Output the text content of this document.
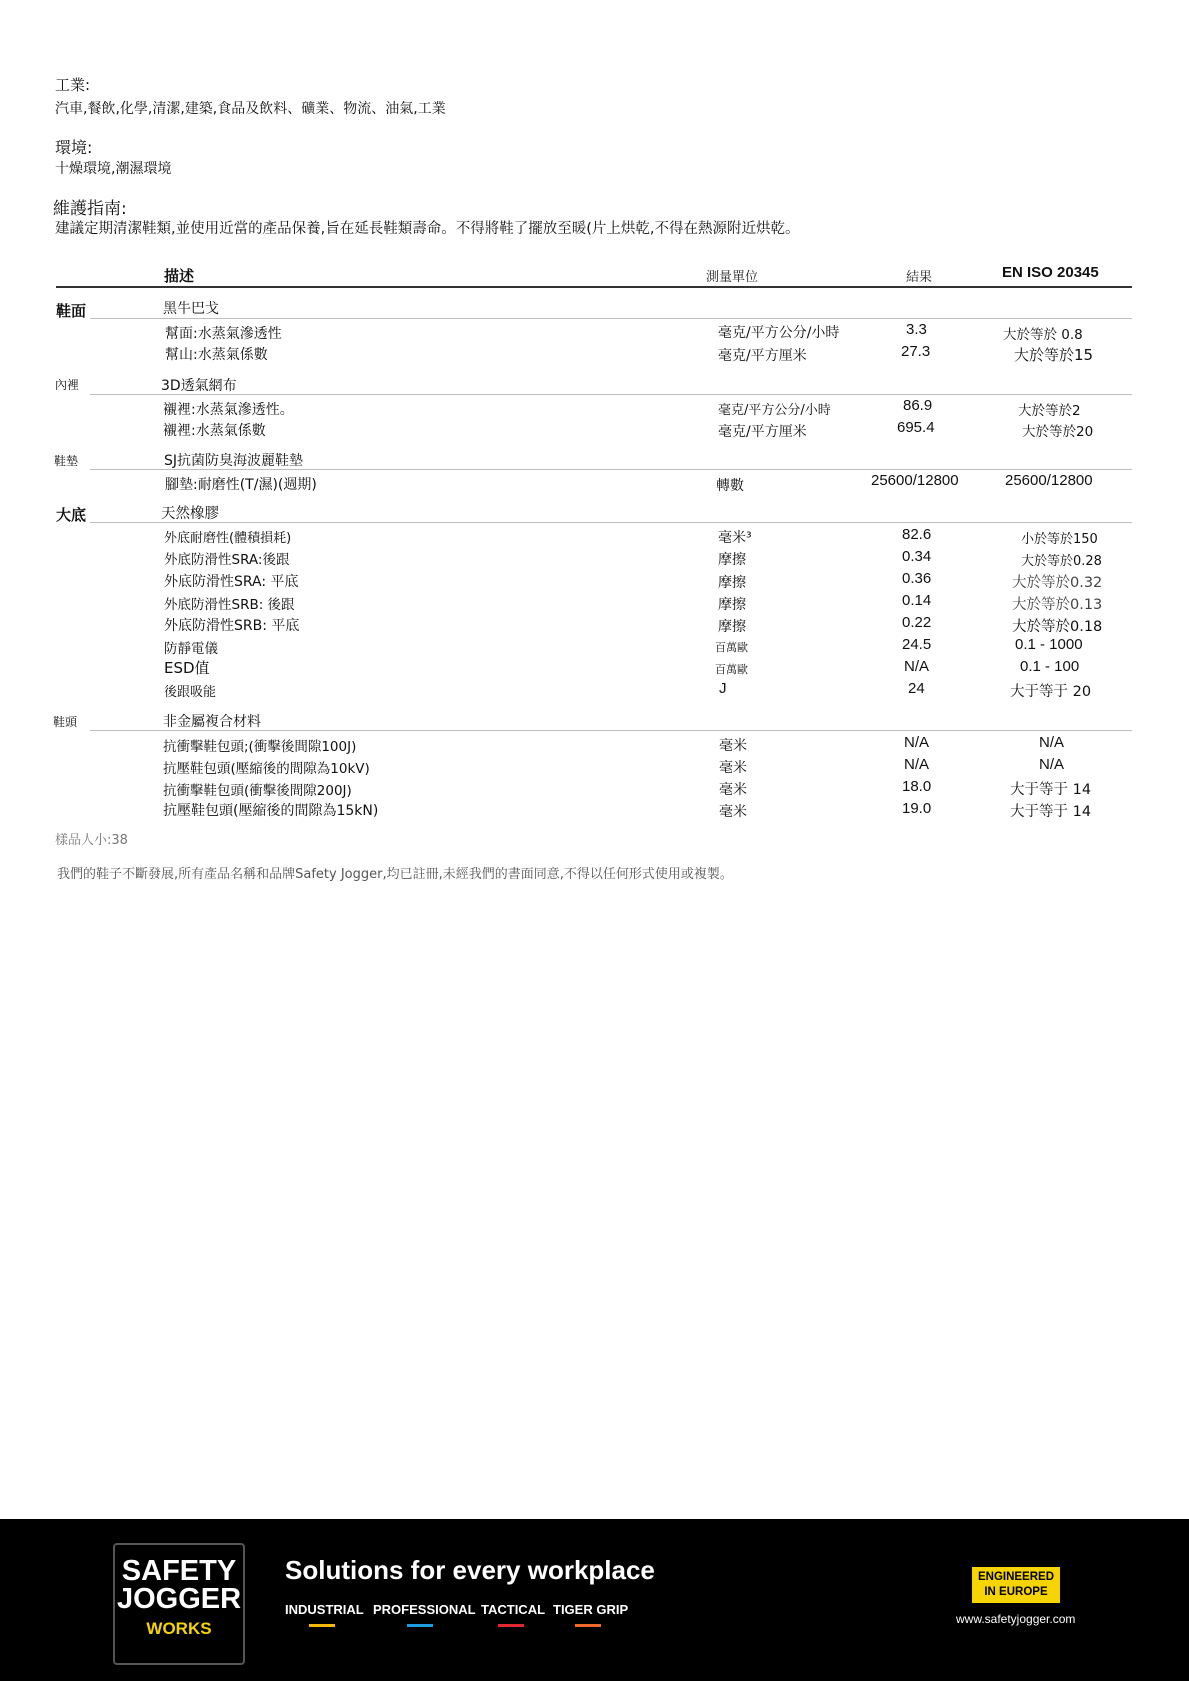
工業:
汽車,餐飲,化學,清潔,建築,食品及飲料、礦業、物流、油氣,工業
環境:
十燥環境,潮濕環境
維護指南:
建議定期清潔鞋類,並使用近當的產品保養,旨在延長鞋類壽命。不得將鞋了擺放至暖(片上烘乾,不得在熱源附近烘乾。
描述	測量單位	結果	EN ISO 20345
鞋面	黑牛巴戈
幫面:水蒸氣滲透性	毫克/平方公分/小時	3.3	大於等於 0.8
幫山:水蒸氣係數	毫克/平方厘米	27.3	大於等於15
內裡	3D透氣網布
襯裡:水蒸氣滲透性。	毫克/平方公分/小時	86.9	大於等於2
襯裡:水蒸氣係數	毫克/平方厘米	695.4	大於等於20
鞋墊	SJ抗菌防臭海波麗鞋墊
腳墊:耐磨性(T/濕)(週期)	轉數	25600/12800	25600/12800
大底	天然橡膠
外底耐磨性(體積損耗)	毫米³	82.6	小於等於150
外底防滑性SRA:後跟	摩擦	0.34	大於等於0.28
外底防滑性SRA: 平底	摩擦	0.36	大於等於0.32
外底防滑性SRB: 後跟	摩擦	0.14	大於等於0.13
外底防滑性SRB: 平底	摩擦	0.22	大於等於0.18
防靜電儀	百萬歐	24.5	0.1 - 1000
ESD值	百萬歐	N/A	0.1 - 100
後跟吸能	J	24	大于等于 20
鞋頭	非金屬複合材料
抗衝擊鞋包頭;(衝擊後間隙100J)	毫米	N/A	N/A
抗壓鞋包頭(壓縮後的間隙為10kV)	毫米	N/A	N/A
抗衝擊鞋包頭(衝擊後間隙200J)	毫米	18.0	大于等于 14
抗壓鞋包頭(壓縮後的間隙為15kN)	毫米	19.0	大于等于 14
樣品人小:38
我們的鞋子不斷發展,所有產品名稱和品牌Safety Jogger,均已註冊,未經我們的書面同意,不得以任何形式使用或複製。
SAFETY
JOGGER
WORKS
Solutions for every workplace
INDUSTRIAL PROFESSIONAL TACTICAL TIGER GRIP
ENGINEERED
IN EUROPE
www.safetyjogger.com
